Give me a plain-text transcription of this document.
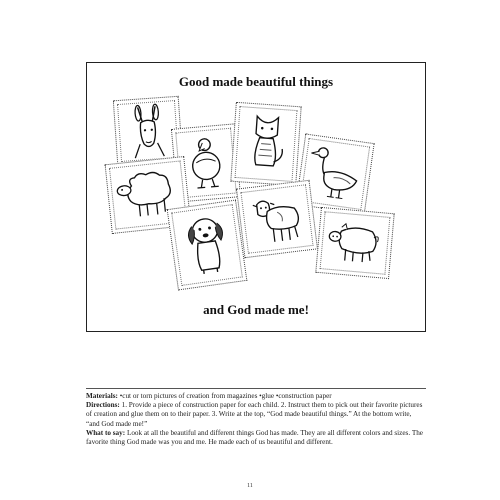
Good made beautiful things
and God made me!
Materials: •cut or torn pictures of creation from magazines •glue •construction paper
Directions: 1. Provide a piece of construction paper for each child. 2. Instruct them to pick out their favorite pictures of creation and glue them on to their paper. 3. Write at the top, “God made beautiful things.” At the bottom write, “and God made me!”
What to say: Look at all the beautiful and different things God has made. They are all different colors and sizes. The favorite thing God made was you and me. He made each of us beautiful and different.
11
